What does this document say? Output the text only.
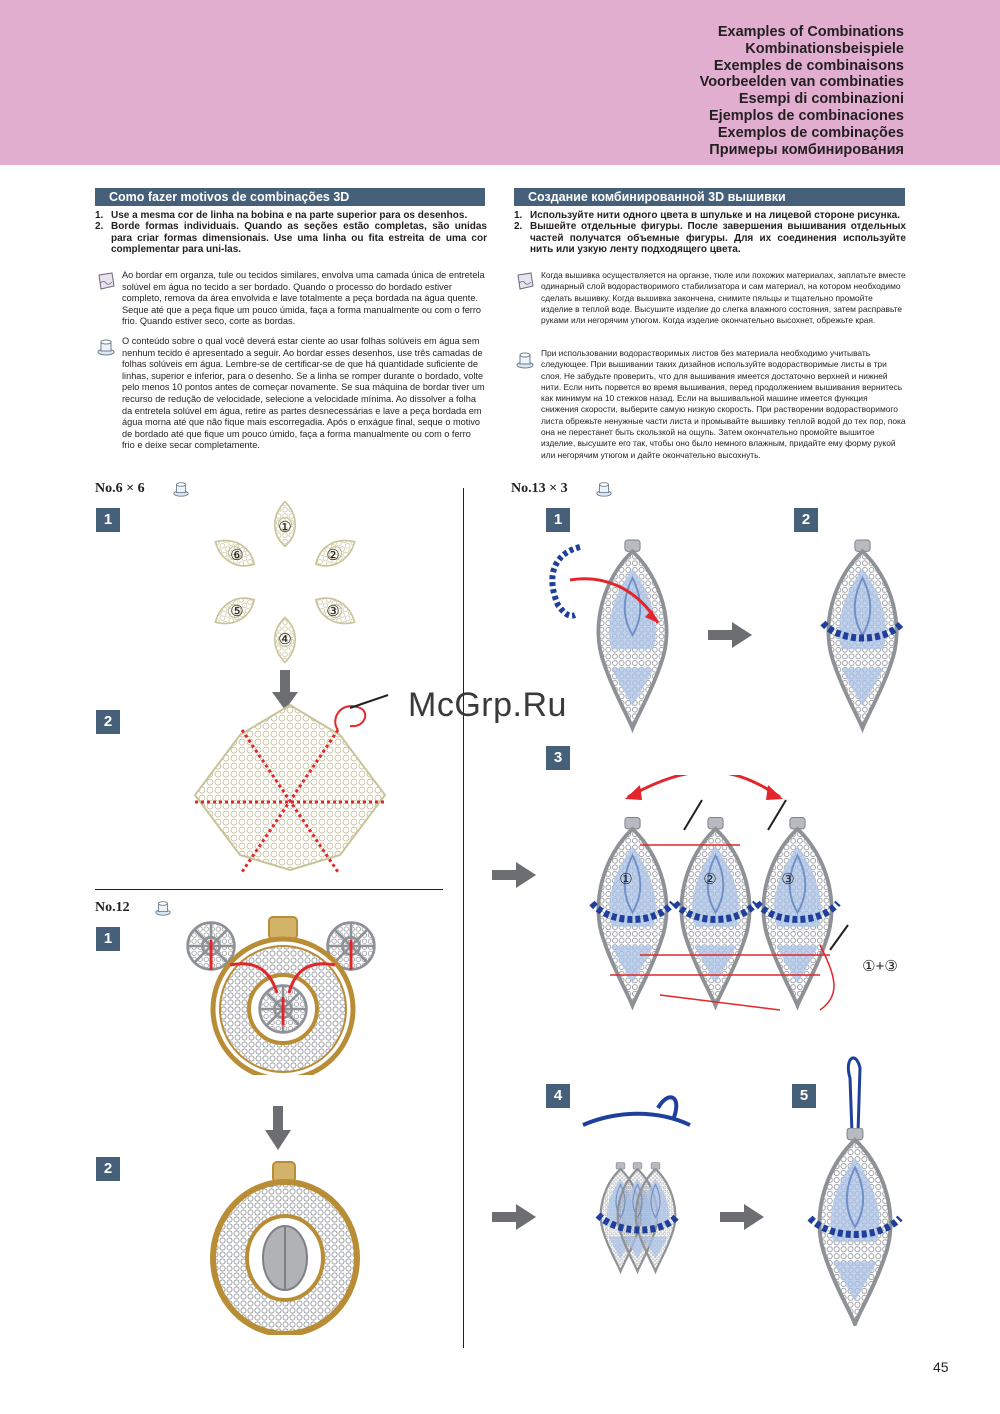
Examples of Combinations
Kombinationsbeispiele
Exemples de combinaisons
Voorbeelden van combinaties
Esempi di combinazioni
Ejemplos de combinaciones
Exemplos de combinações
Примеры комбинирования
Como fazer motivos de combinações 3D	Создание комбинированной 3D вышивки
1. Use a mesma cor de linha na bobina e na parte superior para os desenhos.
2. Borde formas individuais. Quando as seções estão completas, são unidas para criar formas dimensionais. Use uma linha ou fita estreita de uma cor complementar para uni-las.
1. Используйте нити одного цвета в шпульке и на лицевой стороне рисунка.
2. Вышейте отдельные фигуры. После завершения вышивания отдельных частей получатся объемные фигуры. Для их соединения используйте нить или узкую ленту подходящего цвета.
Ao bordar em organza, tule ou tecidos similares, envolva uma camada única de entretela solúvel em água no tecido a ser bordado. Quando o processo do bordado estiver completo, remova da área envolvida e lave totalmente a peça bordada na água quente. Seque até que a peça fique um pouco úmida, faça a forma manualmente ou com o ferro frio. Quando estiver seco, corte as bordas.
O conteúdo sobre o qual você deverá estar ciente ao usar folhas solúveis em água sem nenhum tecido é apresentado a seguir. Ao bordar esses desenhos, use três camadas de folhas solúveis em água. Lembre-se de certificar-se de que há quantidade suficiente de linhas, superior e inferior, para o desenho. Se a linha se romper durante o bordado, volte pelo menos 10 pontos antes de começar novamente. Se sua máquina de bordar tiver um recurso de redução de velocidade, selecione a velocidade mínima. Ao dissolver a folha da entretela solúvel em água, retire as partes desnecessárias e lave a peça bordada em água morna até que não fique mais escorregadia. Após o enxágue final, seque o motivo de bordado até que fique um pouco úmido, faça a forma manualmente ou com o ferro frio e deixe secar completamente.
Когда вышивка осуществляется на органзе, тюле или похожих материалах, заплатьте вместе одинарный слой водорастворимого стабилизатора и сам материал, на котором необходимо сделать вышивку. Когда вышивка закончена, снимите пяльцы и тщательно промойте изделие в теплой воде. Высушите изделие до слегка влажного состояния, затем расправьте руками или негорячим утюгом. Когда изделие окончательно высохнет, обрежьте края.
При использовании водорастворимых листов без материала необходимо учитывать следующее. При вышивании таких дизайнов используйте водорастворимые листы в три слоя. Не забудьте проверить, что для вышивания имеется достаточно верхней и нижней нити. Если нить порвется во время вышивания, перед продолжением вышивания вернитесь как минимум на 10 стежков назад. Если на вышивальной машине имеется функция снижения скорости, выберите самую низкую скорость. При растворении водорастворимого листа обрежьте ненужные части листа и промывайте вышивку теплой водой до тех пор, пока она не перестанет быть скользкой на ощупь. Затем окончательно промойте вышитое изделие, высушите его так, чтобы оно было немного влажным, придайте ему форму рукой или негорячим утюгом и дайте окончательно высохнуть.
No.6 × 6	No.13 × 3
No.12
1
2
1	2
3
1
2
4	5
①
②
③
④
⑤
⑥
①	②	③
①+③
McGrp.Ru
45
